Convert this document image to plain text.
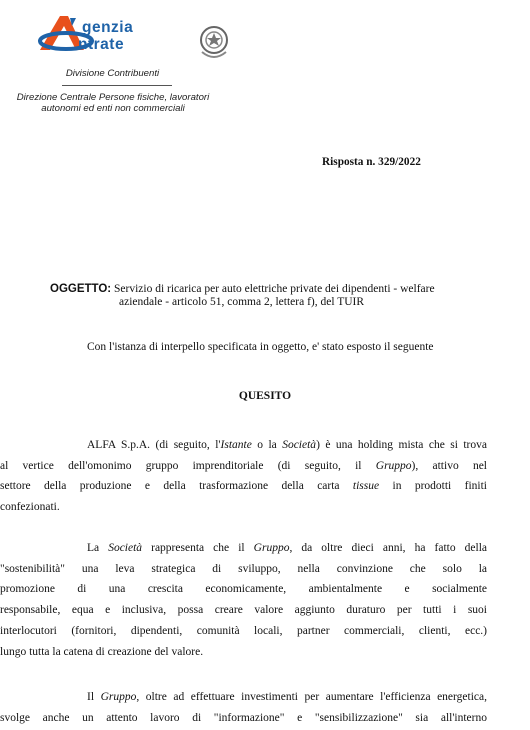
genzia
ntrate
Divisione Contribuenti
Direzione Centrale Persone fisiche, lavoratori autonomi ed enti non commerciali
Risposta n. 329/2022
OGGETTO: Servizio di ricarica per auto elettriche private dei dipendenti - welfare
aziendale - articolo 51, comma 2, lettera f), del TUIR
Con l'istanza di interpello specificata in oggetto, e' stato esposto il seguente
QUESITO
ALFA S.p.A. (di seguito, l'Istante o la Società) è una holding mista che si trova
al vertice dell'omonimo gruppo imprenditoriale (di seguito, il Gruppo), attivo nel
settore della produzione e della trasformazione della carta tissue in prodotti finiti
confezionati.
La Società rappresenta che il Gruppo, da oltre dieci anni, ha fatto della
"sostenibilità" una leva strategica di sviluppo, nella convinzione che solo la
promozione di una crescita economicamente, ambientalmente e socialmente
responsabile, equa e inclusiva, possa creare valore aggiunto duraturo per tutti i suoi
interlocutori (fornitori, dipendenti, comunità locali, partner commerciali, clienti, ecc.)
lungo tutta la catena di creazione del valore.
Il Gruppo, oltre ad effettuare investimenti per aumentare l'efficienza energetica,
svolge anche un attento lavoro di "informazione" e "sensibilizzazione" sia all'interno
